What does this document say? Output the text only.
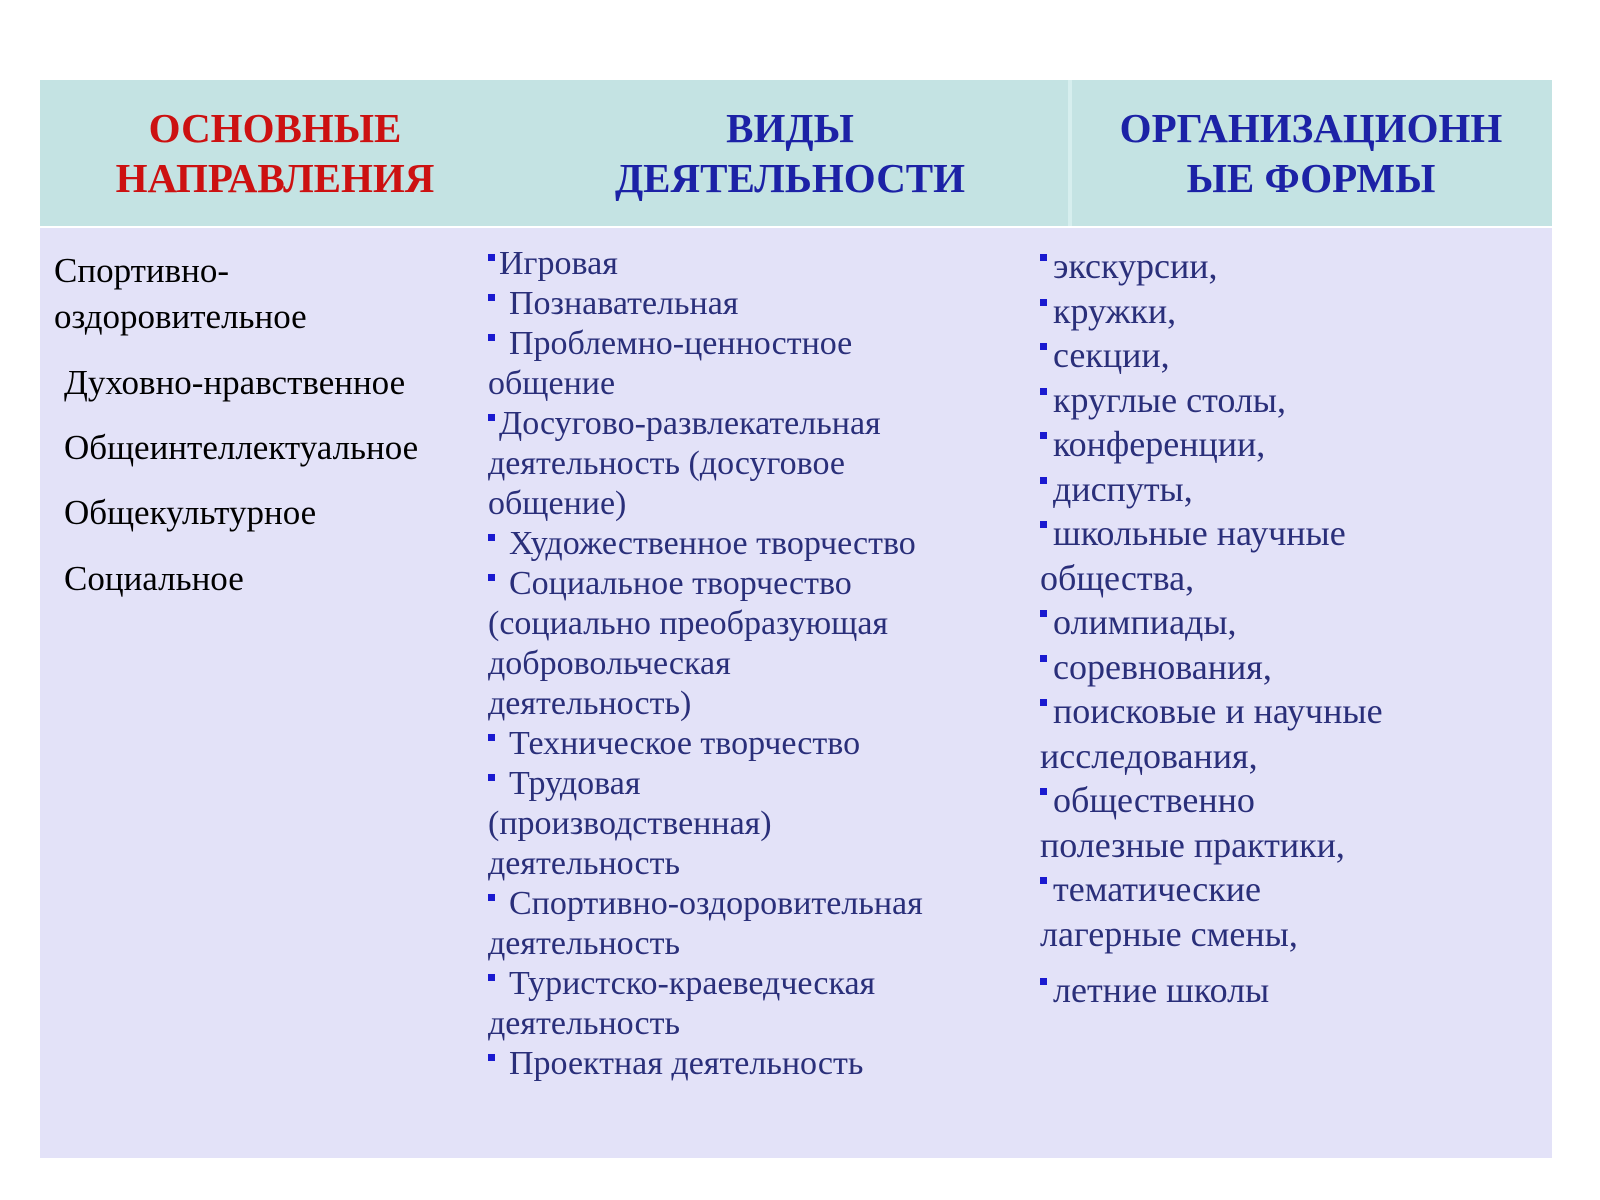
ОСНОВНЫЕ
НАПРАВЛЕНИЯ
ВИДЫ
ДЕЯТЕЛЬНОСТИ
ОРГАНИЗАЦИОНН
ЫЕ ФОРМЫ
Спортивно-
оздоровительное
Духовно-нравственное
Общеинтеллектуальное
Общекультурное
Социальное
Игровая
Познавательная
Проблемно-ценностное
общение
Досугово-развлекательная
деятельность (досуговое
общение)
Художественное творчество
Социальное творчество
(социально преобразующая
добровольческая
деятельность)
Техническое творчество
Трудовая
(производственная)
деятельность
Спортивно-оздоровительная
деятельность
Туристско-краеведческая
деятельность
Проектная деятельность
экскурсии,
кружки,
секции,
круглые столы,
конференции,
диспуты,
школьные научные
общества,
олимпиады,
соревнования,
поисковые и научные
исследования,
общественно
полезные практики,
тематические
лагерные смены,
летние школы
